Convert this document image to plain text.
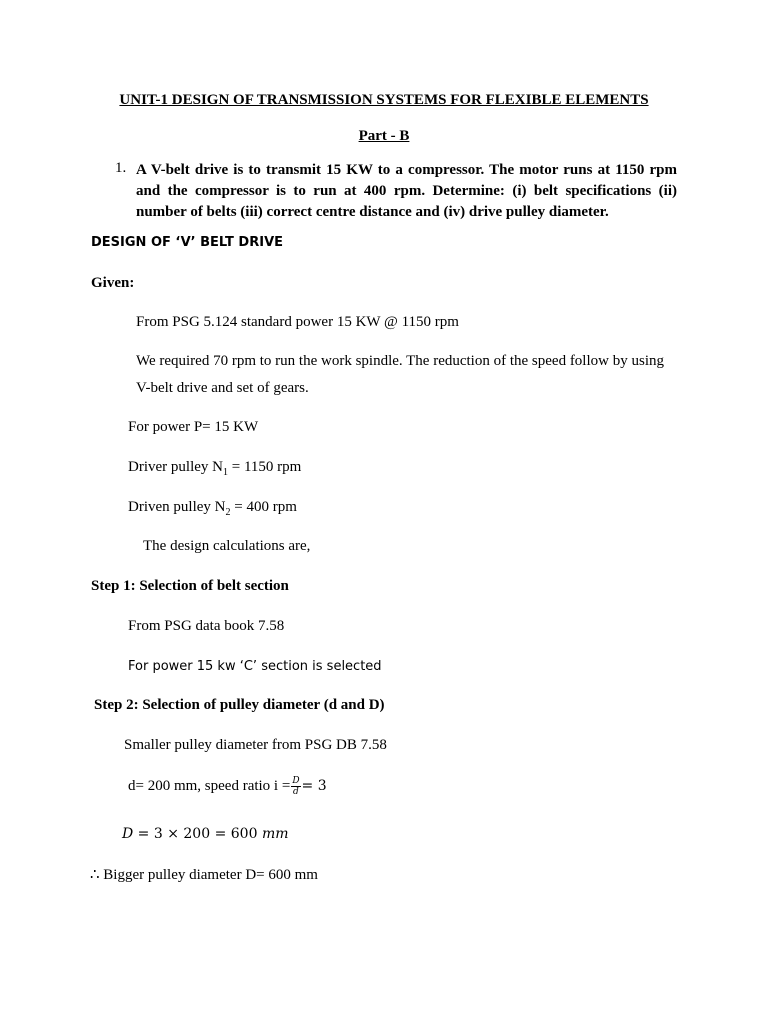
UNIT-1 DESIGN OF TRANSMISSION SYSTEMS FOR FLEXIBLE ELEMENTS
Part - B
1. A V-belt drive is to transmit 15 KW to a compressor. The motor runs at 1150 rpm and the compressor is to run at 400 rpm. Determine: (i) belt specifications (ii) number of belts (iii) correct centre distance and (iv) drive pulley diameter.
DESIGN OF ‘V’ BELT DRIVE
Given:
From PSG 5.124 standard power 15 KW @ 1150 rpm
We required 70 rpm to run the work spindle. The reduction of the speed follow by using
V-belt drive and set of gears.
For power P= 15 KW
Driver pulley $N_1 = 1150$ rpm
Driven pulley $N_2 = 400$ rpm
The design calculations are,
Step 1: Selection of belt section
From PSG data book 7.58
For power 15 kw ‘C’ section is selected
Step 2: Selection of pulley diameter (d and D)
Smaller pulley diameter from PSG DB 7.58
d= 200 mm, speed ratio $i = \frac{D}{d} = 3$
D = 3 × 200 = 600 mm
∴ Bigger pulley diameter D= 600 mm
